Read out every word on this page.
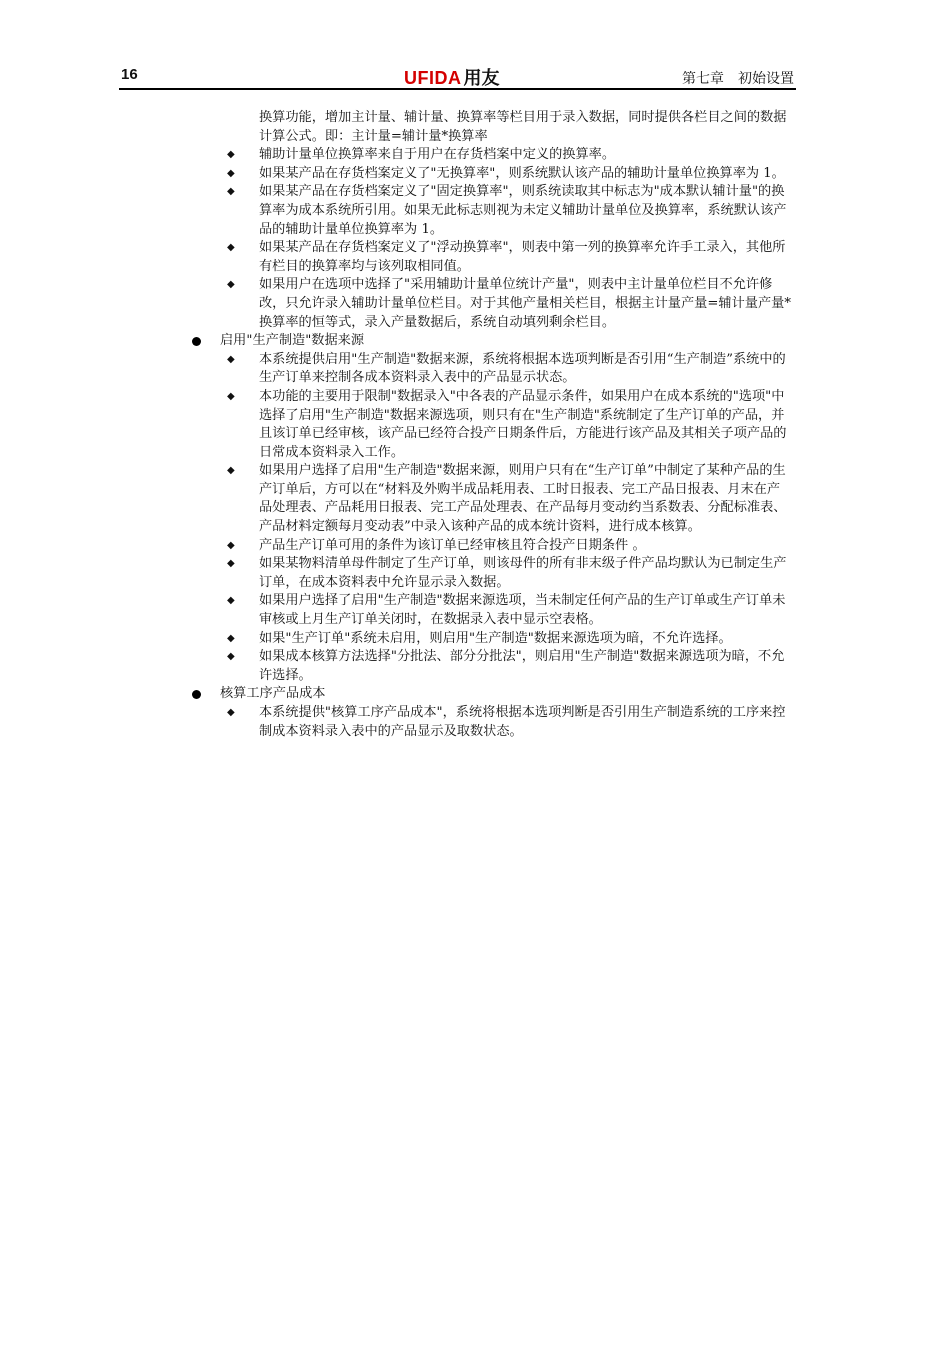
16	UFIDA 用友	第七章　初始设置
换算功能，增加主计量、辅计量、换算率等栏目用于录入数据，同时提供各栏目之间的数据计算公式。即：主计量=辅计量*换算率
◆ 辅助计量单位换算率来自于用户在存货档案中定义的换算率。
◆ 如果某产品在存货档案定义了"无换算率"，则系统默认该产品的辅助计量单位换算率为 1。
◆ 如果某产品在存货档案定义了"固定换算率"，则系统读取其中标志为"成本默认辅计量"的换算率为成本系统所引用。如果无此标志则视为未定义辅助计量单位及换算率，系统默认该产品的辅助计量单位换算率为 1。
◆ 如果某产品在存货档案定义了"浮动换算率"，则表中第一列的换算率允许手工录入，其他所有栏目的换算率均与该列取相同值。
◆ 如果用户在选项中选择了"采用辅助计量单位统计产量"，则表中主计量单位栏目不允许修改，只允许录入辅助计量单位栏目。对于其他产量相关栏目，根据主计量产量=辅计量产量*换算率的恒等式，录入产量数据后，系统自动填列剩余栏目。
启用"生产制造"数据来源
◆ 本系统提供启用"生产制造"数据来源，系统将根据本选项判断是否引用“生产制造”系统中的生产订单来控制各成本资料录入表中的产品显示状态。
◆ 本功能的主要用于限制"数据录入"中各表的产品显示条件，如果用户在成本系统的"选项"中选择了启用"生产制造"数据来源选项，则只有在"生产制造"系统制定了生产订单的产品，并且该订单已经审核，该产品已经符合投产日期条件后，方能进行该产品及其相关子项产品的日常成本资料录入工作。
◆ 如果用户选择了启用"生产制造"数据来源，则用户只有在“生产订单”中制定了某种产品的生产订单后，方可以在“材料及外购半成品耗用表、工时日报表、完工产品日报表、月末在产品处理表、产品耗用日报表、完工产品处理表、在产品每月变动约当系数表、分配标准表、产品材料定额每月变动表”中录入该种产品的成本统计资料，进行成本核算。
◆ 产品生产订单可用的条件为该订单已经审核且符合投产日期条件 。
◆ 如果某物料清单母件制定了生产订单，则该母件的所有非末级子件产品均默认为已制定生产订单，在成本资料表中允许显示录入数据。
◆ 如果用户选择了启用"生产制造"数据来源选项，当未制定任何产品的生产订单或生产订单未审核或上月生产订单关闭时，在数据录入表中显示空表格。
◆ 如果"生产订单"系统未启用，则启用"生产制造"数据来源选项为暗，不允许选择。
◆ 如果成本核算方法选择"分批法、部分分批法"，则启用"生产制造"数据来源选项为暗，不允许选择。
核算工序产品成本
◆ 本系统提供"核算工序产品成本"，系统将根据本选项判断是否引用生产制造系统的工序来控制成本资料录入表中的产品显示及取数状态。
